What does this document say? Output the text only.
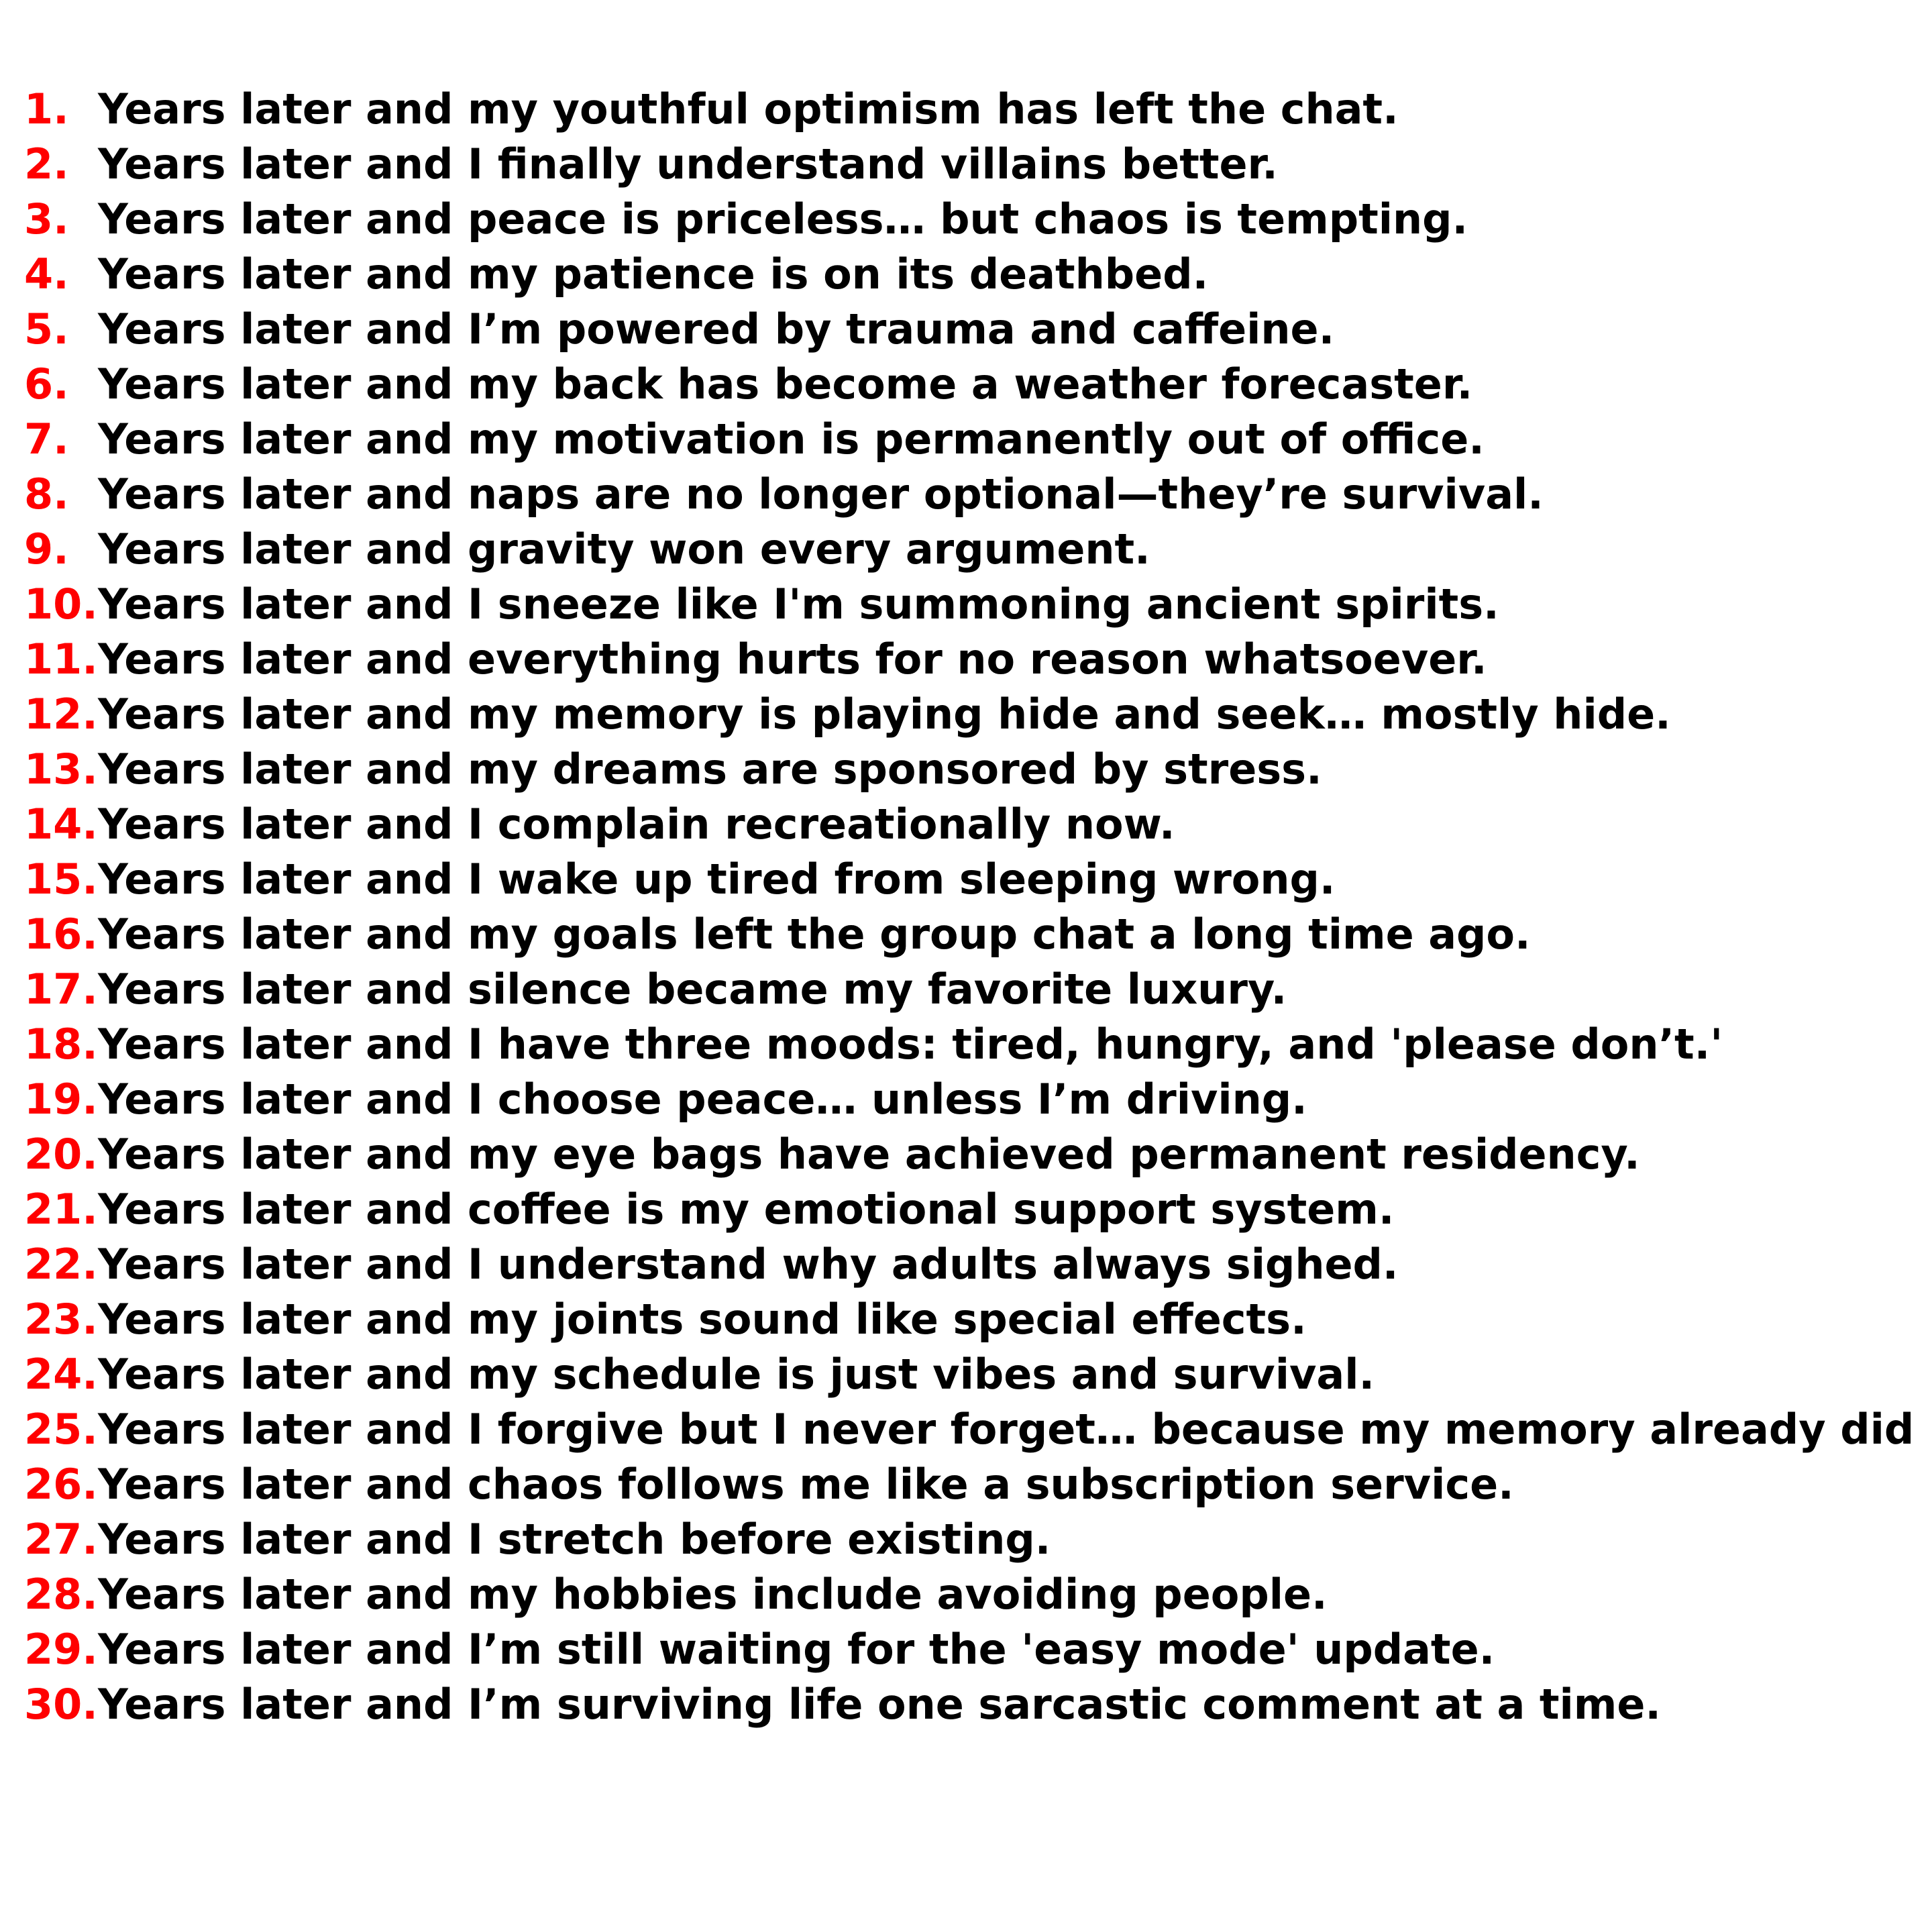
1. Years later and my youthful optimism has left the chat.
2. Years later and I finally understand villains better.
3. Years later and peace is priceless… but chaos is tempting.
4. Years later and my patience is on its deathbed.
5. Years later and I’m powered by trauma and caffeine.
6. Years later and my back has become a weather forecaster.
7. Years later and my motivation is permanently out of office.
8. Years later and naps are no longer optional—they’re survival.
9. Years later and gravity won every argument.
10. Years later and I sneeze like I'm summoning ancient spirits.
11. Years later and everything hurts for no reason whatsoever.
12. Years later and my memory is playing hide and seek… mostly hide.
13. Years later and my dreams are sponsored by stress.
14. Years later and I complain recreationally now.
15. Years later and I wake up tired from sleeping wrong.
16. Years later and my goals left the group chat a long time ago.
17. Years later and silence became my favorite luxury.
18. Years later and I have three moods: tired, hungry, and 'please don’t.'
19. Years later and I choose peace… unless I’m driving.
20. Years later and my eye bags have achieved permanent residency.
21. Years later and coffee is my emotional support system.
22. Years later and I understand why adults always sighed.
23. Years later and my joints sound like special effects.
24. Years later and my schedule is just vibes and survival.
25. Years later and I forgive but I never forget… because my memory already did
26. Years later and chaos follows me like a subscription service.
27. Years later and I stretch before existing.
28. Years later and my hobbies include avoiding people.
29. Years later and I’m still waiting for the 'easy mode' update.
30. Years later and I’m surviving life one sarcastic comment at a time.
